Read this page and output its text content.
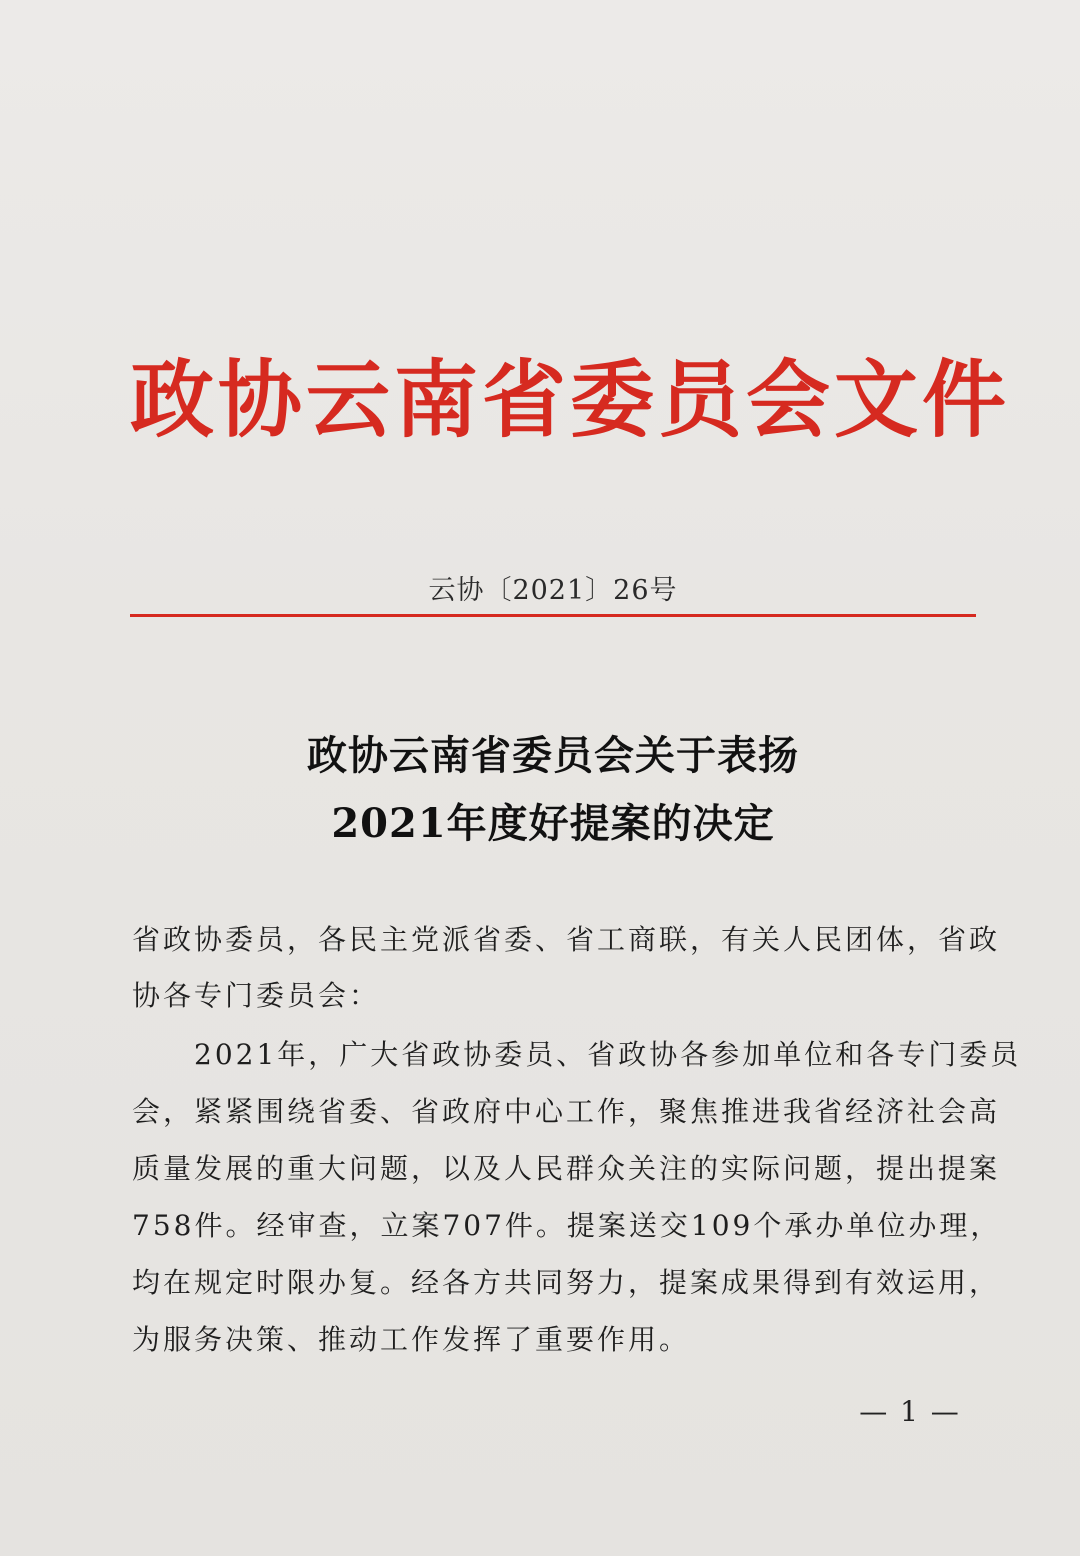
政协云南省委员会文件
云协〔2021〕26号
政协云南省委员会关于表扬
2021年度好提案的决定
省政协委员，各民主党派省委、省工商联，有关人民团体，省政
协各专门委员会：
　　2021年，广大省政协委员、省政协各参加单位和各专门委员
会，紧紧围绕省委、省政府中心工作，聚焦推进我省经济社会高
质量发展的重大问题，以及人民群众关注的实际问题，提出提案
758件。经审查，立案707件。提案送交109个承办单位办理，
均在规定时限办复。经各方共同努力，提案成果得到有效运用，
为服务决策、推动工作发挥了重要作用。
— 1 —
